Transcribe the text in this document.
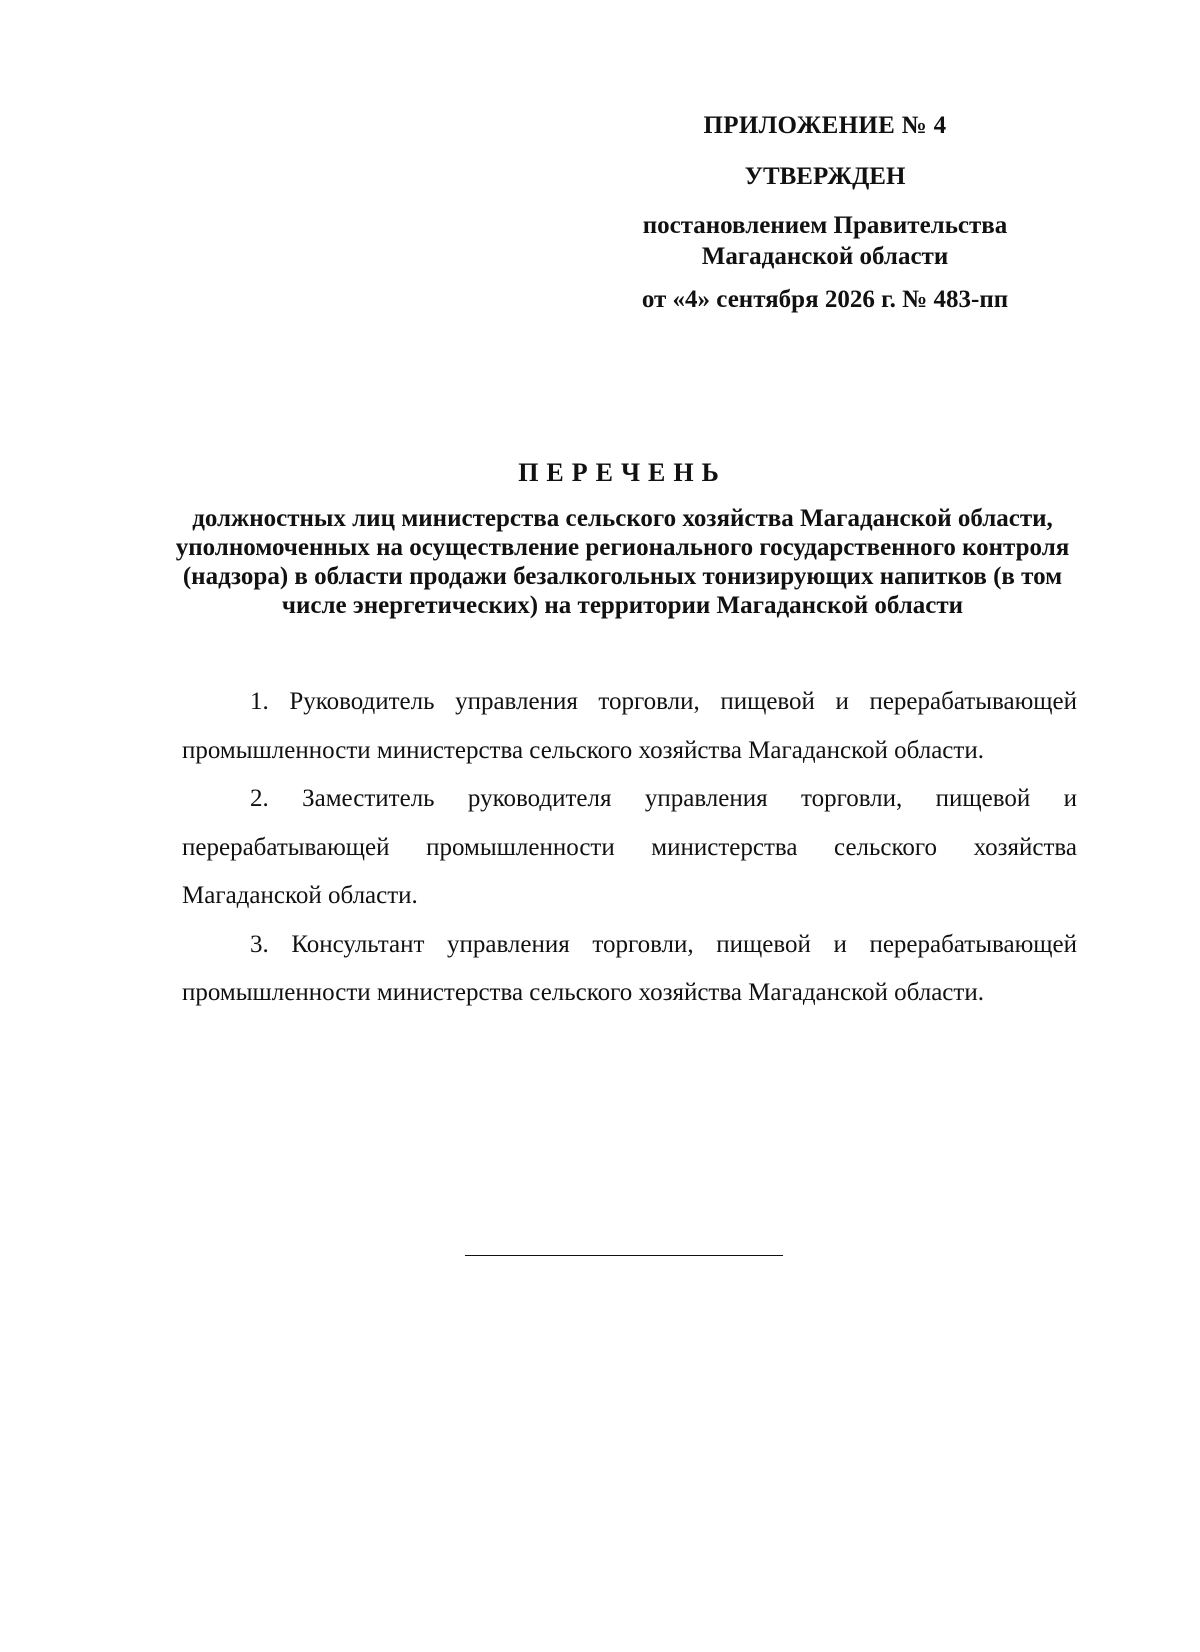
ПРИЛОЖЕНИЕ № 4
УТВЕРЖДЕН
постановлением Правительства
Магаданской области
от «4» сентября 2026 г. № 483-пп
ПЕРЕЧЕНЬ
должностных лиц министерства сельского хозяйства Магаданской области, уполномоченных на осуществление регионального государственного контроля (надзора) в области продажи безалкогольных тонизирующих напитков (в том числе энергетических) на территории Магаданской области

1. Руководитель управления торговли, пищевой и перерабатывающей промышленности министерства сельского хозяйства Магаданской области.

2. Заместитель руководителя управления торговли, пищевой и перерабатывающей промышленности министерства сельского хозяйства Магаданской области.

3. Консультант управления торговли, пищевой и перерабатывающей промышленности министерства сельского хозяйства Магаданской области.
